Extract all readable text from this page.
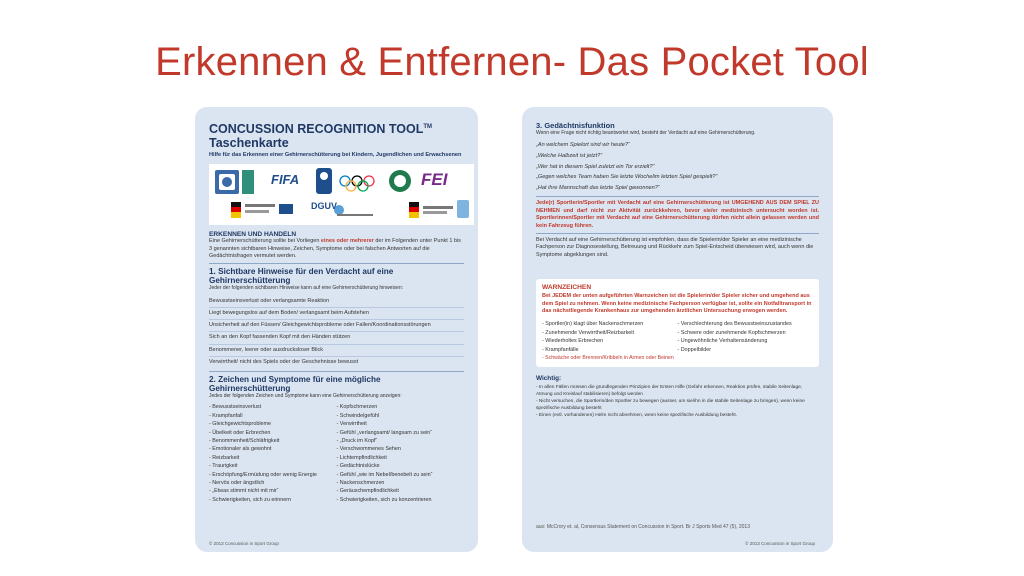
Erkennen & Entfernen- Das Pocket Tool
CONCUSSION RECOGNITION TOOL™
Taschenkarte
Hilfe für das Erkennen einer Gehirnerschütterung bei Kindern, Jugendlichen und Erwachsenen
FIFA	FEI
DGUV
ERKENNEN UND HANDELN
Eine Gehirnerschütterung sollte bei Vorliegen eines oder mehrerer der im Folgenden unter Punkt 1 bis 3 genannten sichtbaren Hinweise, Zeichen, Symptome oder bei falschen Antworten auf die Gedächtnisfragen vermutet werden.
1. Sichtbare Hinweise für den Verdacht auf eine Gehirnerschütterung
Jeder der folgenden sichtbaren Hinweise kann auf eine Gehirnerschütterung hinweisen:
Bewusstseinsverlust oder verlangsamte Reaktion
Liegt bewegungslos auf dem Boden/ verlangsamt beim Aufstehen
Unsicherheit auf den Füssen/ Gleichgewichtsprobleme oder Fallen/Koordinationsstörungen
Sich an den Kopf fassenden Kopf mit den Händen stützen
Benommener, leerer oder ausdrucksloser Blick
Verwirrtheit/ nicht des Spiels oder der Geschehnisse bewusst
2. Zeichen und Symptome für eine mögliche Gehirnerschütterung
Jedes der folgenden Zeichen und Symptome kann eine Gehirnerschütterung anzeigen:
- Bewusstseinsverlust
- Krampfanfall
- Gleichgewichtsprobleme
- Übelkeit oder Erbrechen
- Benommenheit/Schläfrigkeit
- Emotionaler als gewohnt
- Reizbarkeit
- Traurigkeit
- Erschöpfung/Ermüdung oder wenig Energie
- Nervös oder ängstlich
- „Etwas stimmt nicht mit mir“
- Schwierigkeiten, sich zu erinnern
- Kopfschmerzen
- Schwindelgefühl
- Verwirrtheit
- Gefühl „verlangsamt/ langsam zu sein“
- „Druck im Kopf“
- Verschwommenes Sehen
- Lichtempfindlichkeit
- Gedächtnislücke
- Gefühl „wie im Nebel/benebelt zu sein“
- Nackenschmerzen
- Geräuschempfindlichkeit
- Schwierigkeiten, sich zu konzentrieren
© 2013 Concussion in Sport Group
3. Gedächtnisfunktion
Wenn eine Frage nicht richtig beantwortet wird, besteht der Verdacht auf eine Gehirnerschütterung.
„An welchem Spielort sind wir heute?“
„Welche Halbzeit ist jetzt?“
„Wer hat in diesem Spiel zuletzt ein Tor erzielt?“
„Gegen welches Team haben Sie letzte Wochelim letzten Spiel gespielt?“
„Hat ihre Mannschaft das letzte Spiel gewonnen?“
Jede(r) Sportlerin/Sportler mit Verdacht auf eine Gehirnerschütterung ist UMGEHEND AUS DEM SPIEL ZU NEHMEN und darf nicht zur Aktivität zurückkehren, bevor sie/er medizinisch untersucht worden ist. Sportlerinnen/Sportler mit Verdacht auf eine Gehirnerschütterung dürfen nicht allein gelassen werden und kein Fahrzeug führen.
Bei Verdacht auf eine Gehirnerschütterung ist empfohlen, dass die Spielerin/der Spieler an eine medizinische Fachperson zur Diagnosestellung, Betreuung und Rückkehr zum Spiel-Entscheid überwiesen wird, auch wenn die Symptome abgeklungen sind.
WARNZEICHEN
Bei JEDEM der unten aufgeführten Warnzeichen ist die Spielerin/der Spieler sicher und umgehend aus dem Spiel zu nehmen. Wenn keine medizinische Fachperson verfügbar ist, sollte ein Notfalltransport in das nächstliegende Krankenhaus zur umgehenden ärztlichen Untersuchung erwogen werden.
- Sportler(in) klagt über Nackenschmerzen
- Zunehmende Verwirrtheit/Reizbarkeit
- Wiederholtes Erbrechen
- Krampfanfälle
- Verschlechterung des Bewusstseinszustandes
- Schwere oder zunehmende Kopfschmerzen
- Ungewöhnliche Verhaltensänderung
- Doppelbilder
- Schwäche oder Brennen/Kribbeln in Armen oder Beinen
Wichtig:
- In allen Fällen müssen die grundlegenden Prinzipien der Ersten Hilfe (Gefahr erkennen, Reaktion prüfen, stabile Seitenlage, Atmung und Kreislauf stabilisieren) befolgt werden
- Nicht versuchen, die Sportlerin/den Sportler zu bewegen (ausser, um sie/ihn in die stabile Seitenlage zu bringen), wenn keine spezifische Ausbildung besteht
- Einen (evtl. vorhandenen) Helm nicht abnehmen, wenn keine spezifische Ausbildung besteht.
aus: McCrory et. al, Consensus Statement on Concussion in Sport. Br J Sports Med 47 (5), 2013
© 2013 Concussion in Sport Group
